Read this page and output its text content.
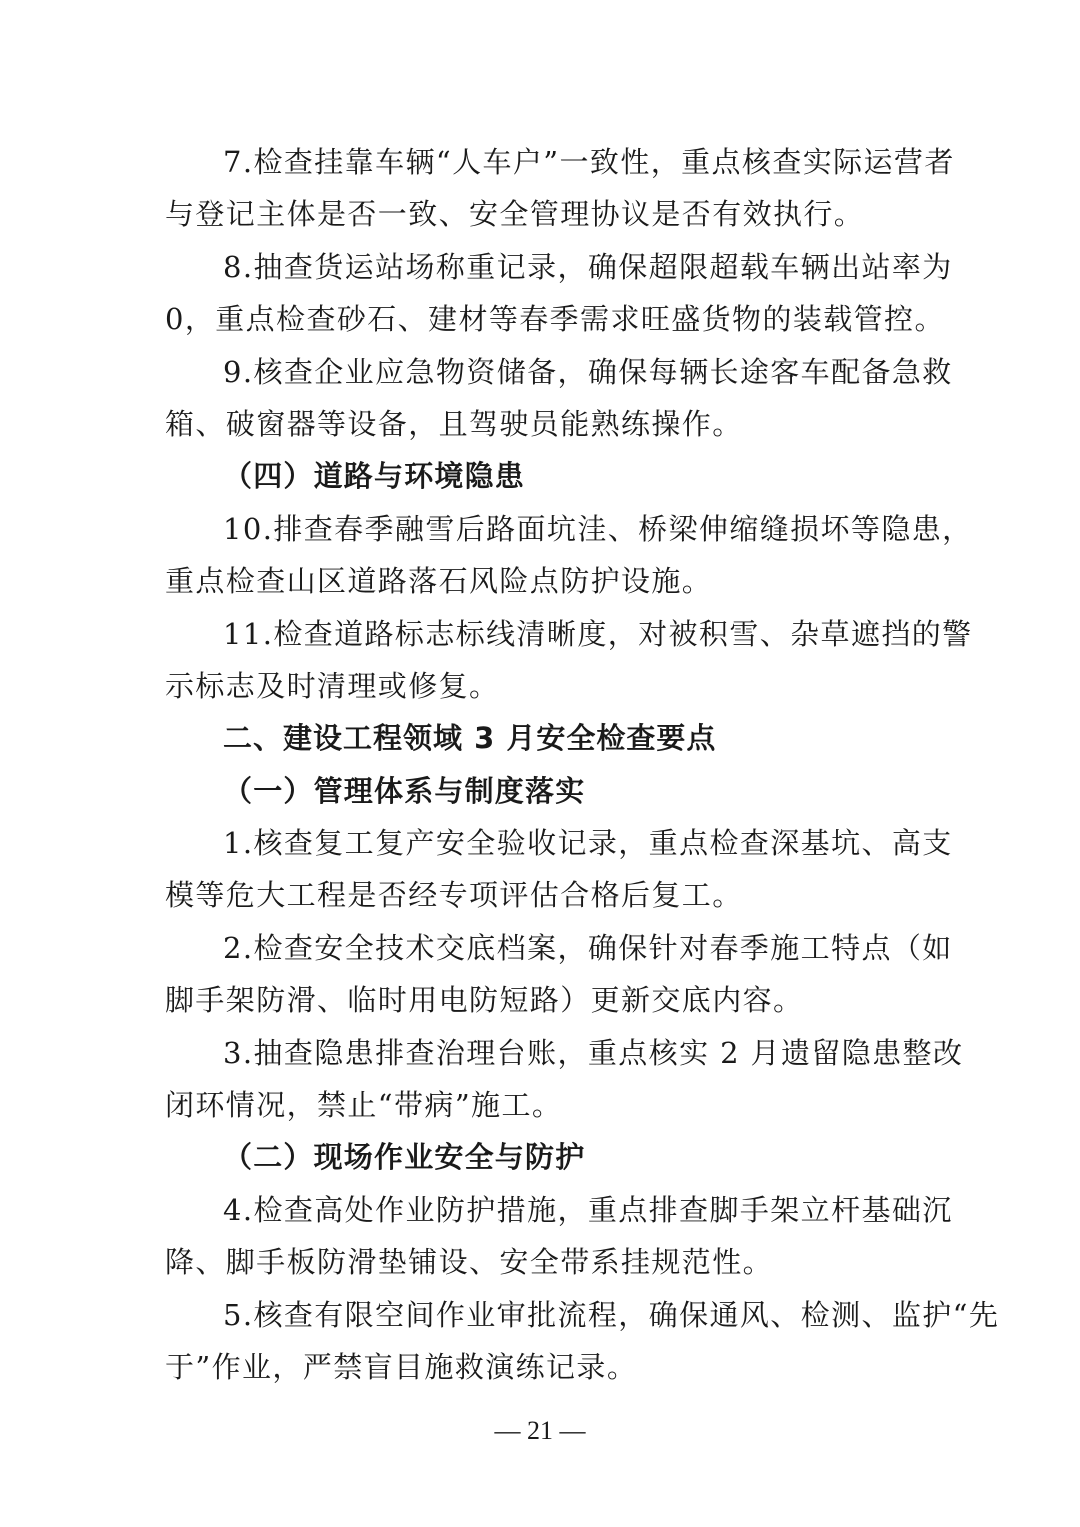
7.检查挂靠车辆“人车户”一致性，重点核查实际运营者
与登记主体是否一致、安全管理协议是否有效执行。
8.抽查货运站场称重记录，确保超限超载车辆出站率为
0，重点检查砂石、建材等春季需求旺盛货物的装载管控。
9.核查企业应急物资储备，确保每辆长途客车配备急救
箱、破窗器等设备，且驾驶员能熟练操作。
（四）道路与环境隐患
10.排查春季融雪后路面坑洼、桥梁伸缩缝损坏等隐患，
重点检查山区道路落石风险点防护设施。
11.检查道路标志标线清晰度，对被积雪、杂草遮挡的警
示标志及时清理或修复。
二、建设工程领域 3 月安全检查要点
（一）管理体系与制度落实
1.核查复工复产安全验收记录，重点检查深基坑、高支
模等危大工程是否经专项评估合格后复工。
2.检查安全技术交底档案，确保针对春季施工特点（如
脚手架防滑、临时用电防短路）更新交底内容。
3.抽查隐患排查治理台账，重点核实 2 月遗留隐患整改
闭环情况，禁止“带病”施工。
（二）现场作业安全与防护
4.检查高处作业防护措施，重点排查脚手架立杆基础沉
降、脚手板防滑垫铺设、安全带系挂规范性。
5.核查有限空间作业审批流程，确保通风、检测、监护“先
于”作业，严禁盲目施救演练记录。
— 21 —
